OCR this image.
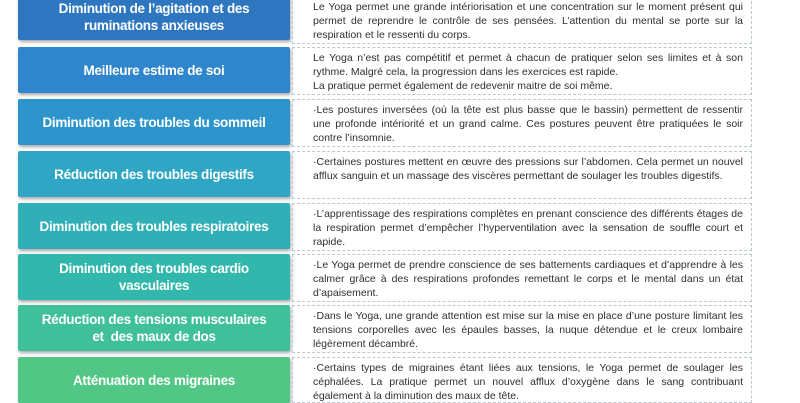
Diminution de l’agitation et des
ruminations anxieuses

Le Yoga permet une grande intériorisation et une concentration sur le moment présent qui permet de reprendre le contrôle de ses pensées. L’attention du mental se porte sur la respiration et le ressenti du corps.

Meilleure estime de soi

Le Yoga n’est pas compétitif et permet à chacun de pratiquer selon ses limites et à son rythme. Malgré cela, la progression dans les exercices est rapide.

La pratique permet également de redevenir maitre de soi même.

Diminution des troubles du sommeil

·Les postures inversées (où la tête est plus basse que le bassin) permettent de ressentir une profonde intériorité et un grand calme. Ces postures peuvent être pratiquées le soir contre l’insomnie.

Réduction des troubles digestifs

·Certaines postures mettent en œuvre des pressions sur l’abdomen. Cela permet un nouvel afflux sanguin et un massage des viscères permettant de soulager les troubles digestifs.

Diminution des troubles respiratoires

·L’apprentissage des respirations complètes en prenant conscience des différents étages de la respiration permet d’empêcher l’hyperventilation avec la sensation de souffle court et rapide.

Diminution des troubles cardio
vasculaires

·Le Yoga permet de prendre conscience de ses battements cardiaques et d’apprendre à les calmer grâce à des respirations profondes remettant le corps et le mental dans un état d’apaisement.

Réduction des tensions musculaires
et  des maux de dos

·Dans le Yoga, une grande attention est mise sur la mise en place d’une posture limitant les tensions corporelles avec les épaules basses, la nuque détendue et le creux lombaire légèrement décambré.

Atténuation des migraines

·Certains types de migraines étant liées aux tensions, le Yoga permet de soulager les céphalées. La pratique permet un nouvel afflux d’oxygène dans le sang contribuant également à la diminution des maux de tête.
